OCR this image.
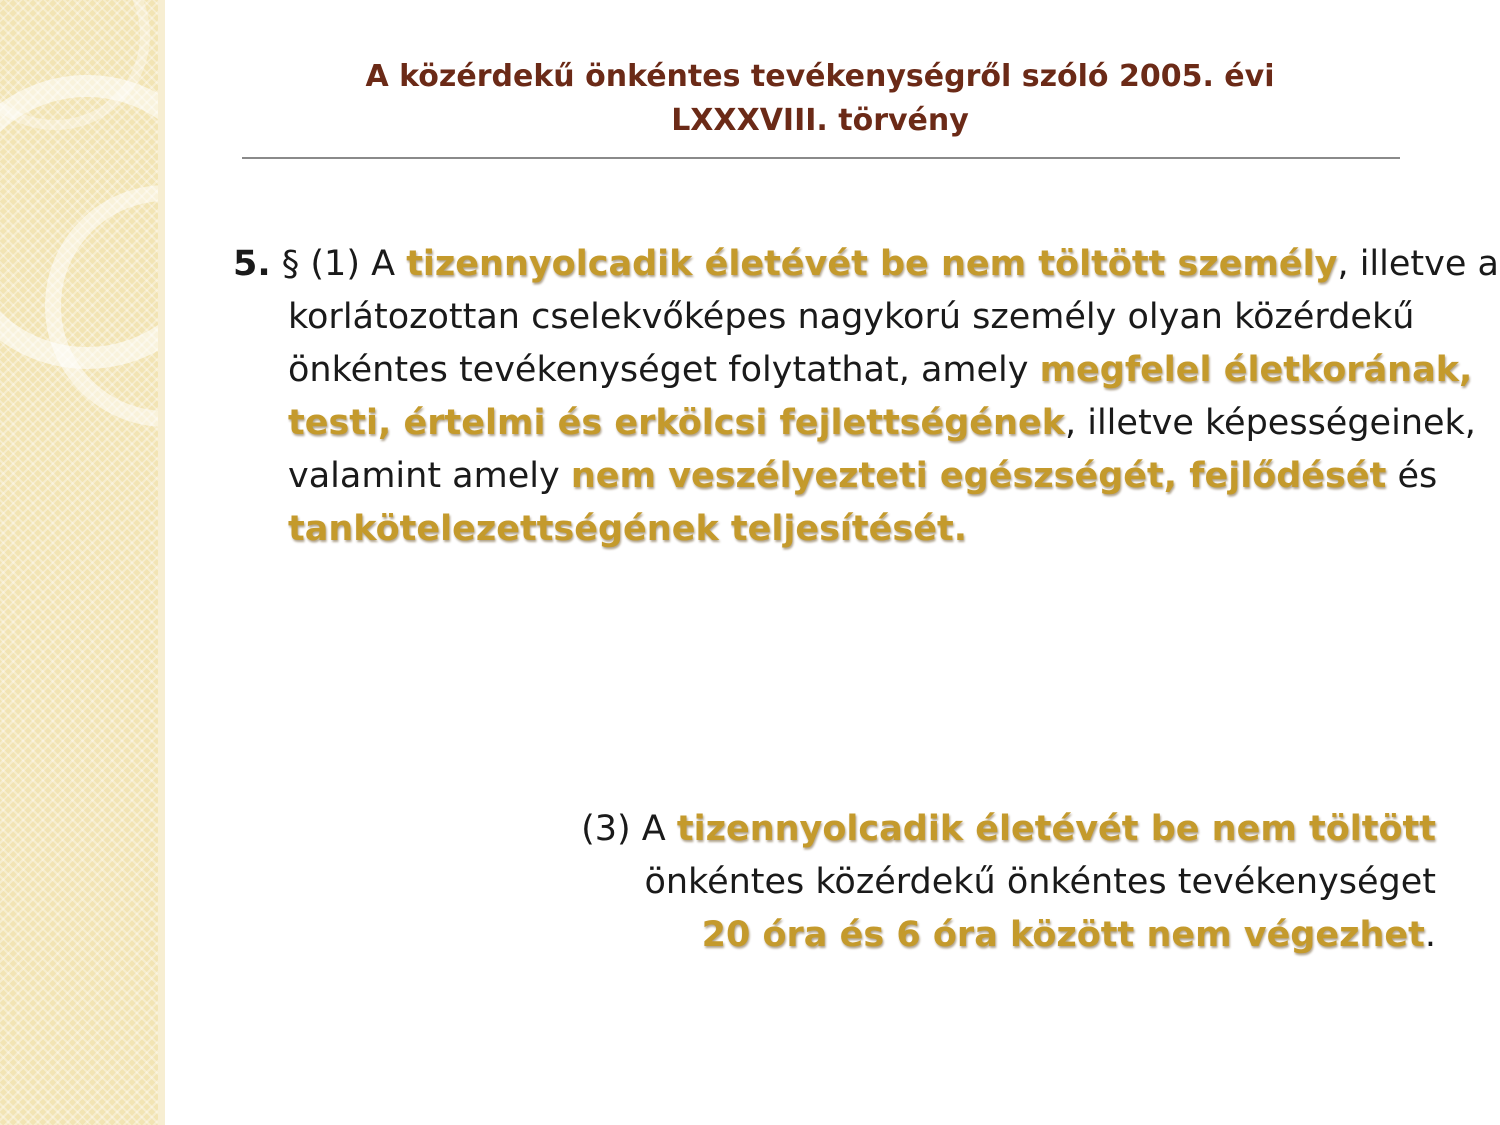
A közérdekű önkéntes tevékenységről szóló 2005. évi
LXXXVIII. törvény

5. § (1) A tizennyolcadik életévét be nem töltött személy, illetve a korlátozottan cselekvőképes nagykorú személy olyan közérdekű önkéntes tevékenységet folytathat, amely megfelel életkorának, testi, értelmi és erkölcsi fejlettségének, illetve képességeinek, valamint amely nem veszélyezteti egészségét, fejlődését és tankötelezettségének teljesítését.

(3) A tizennyolcadik életévét be nem töltött
önkéntes közérdekű önkéntes tevékenységet
20 óra és 6 óra között nem végezhet.
